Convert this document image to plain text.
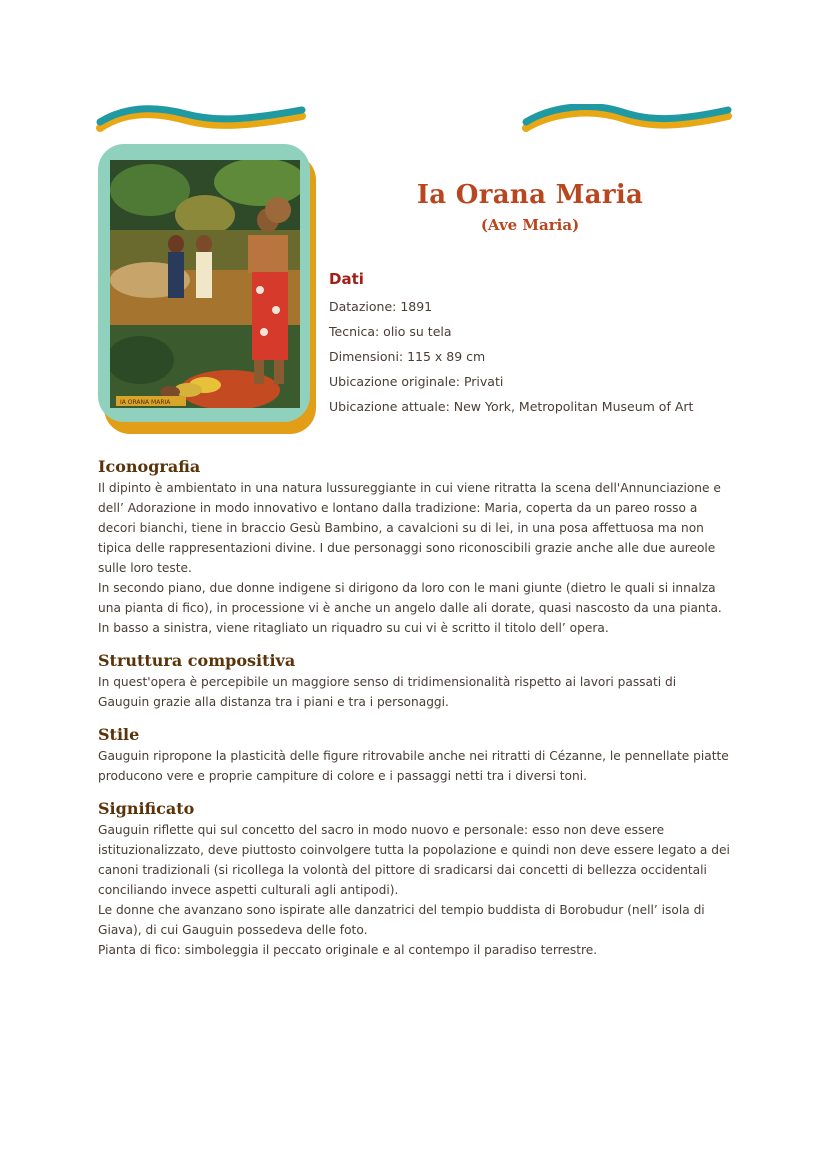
IA ORANA MARIA
Ia Orana Maria
(Ave Maria)
Dati
Datazione: 1891
Tecnica: olio su tela
Dimensioni: 115 x 89 cm
Ubicazione originale: Privati
Ubicazione attuale: New York, Metropolitan Museum of Art
Iconografia

Il dipinto è ambientato in una natura lussureggiante in cui viene ritratta la scena dell'Annunciazione e dell’ Adorazione in modo innovativo e lontano dalla tradizione: Maria, coperta da un pareo rosso a decori bianchi, tiene in braccio Gesù Bambino, a cavalcioni su di lei, in una posa affettuosa ma non tipica delle rappresentazioni divine. I due personaggi sono riconoscibili grazie anche alle due aureole sulle loro teste.

In secondo piano, due donne indigene si dirigono da loro con le mani giunte (dietro le quali si innalza una pianta di fico), in processione vi è anche un angelo dalle ali dorate, quasi nascosto da una pianta.

In basso a sinistra, viene ritagliato un riquadro su cui vi è scritto il titolo dell’ opera.

Struttura compositiva

In quest'opera è percepibile un maggiore senso di tridimensionalità rispetto ai lavori passati di Gauguin grazie alla distanza tra i piani e tra i personaggi.

Stile

Gauguin ripropone la plasticità delle figure ritrovabile anche nei ritratti di Cézanne, le pennellate piatte producono vere e proprie campiture di colore e i passaggi netti tra i diversi toni.

Significato

Gauguin riflette qui sul concetto del sacro in modo nuovo e personale: esso non deve essere istituzionalizzato, deve piuttosto coinvolgere tutta la popolazione e quindi non deve essere legato a dei canoni tradizionali (si ricollega la volontà del pittore di sradicarsi dai concetti di bellezza occidentali conciliando invece aspetti culturali agli antipodi).

Le donne che avanzano sono ispirate alle danzatrici del tempio buddista di Borobudur (nell’ isola di Giava), di cui Gauguin possedeva delle foto.

Pianta di fico: simboleggia il peccato originale e al contempo il paradiso terrestre.
